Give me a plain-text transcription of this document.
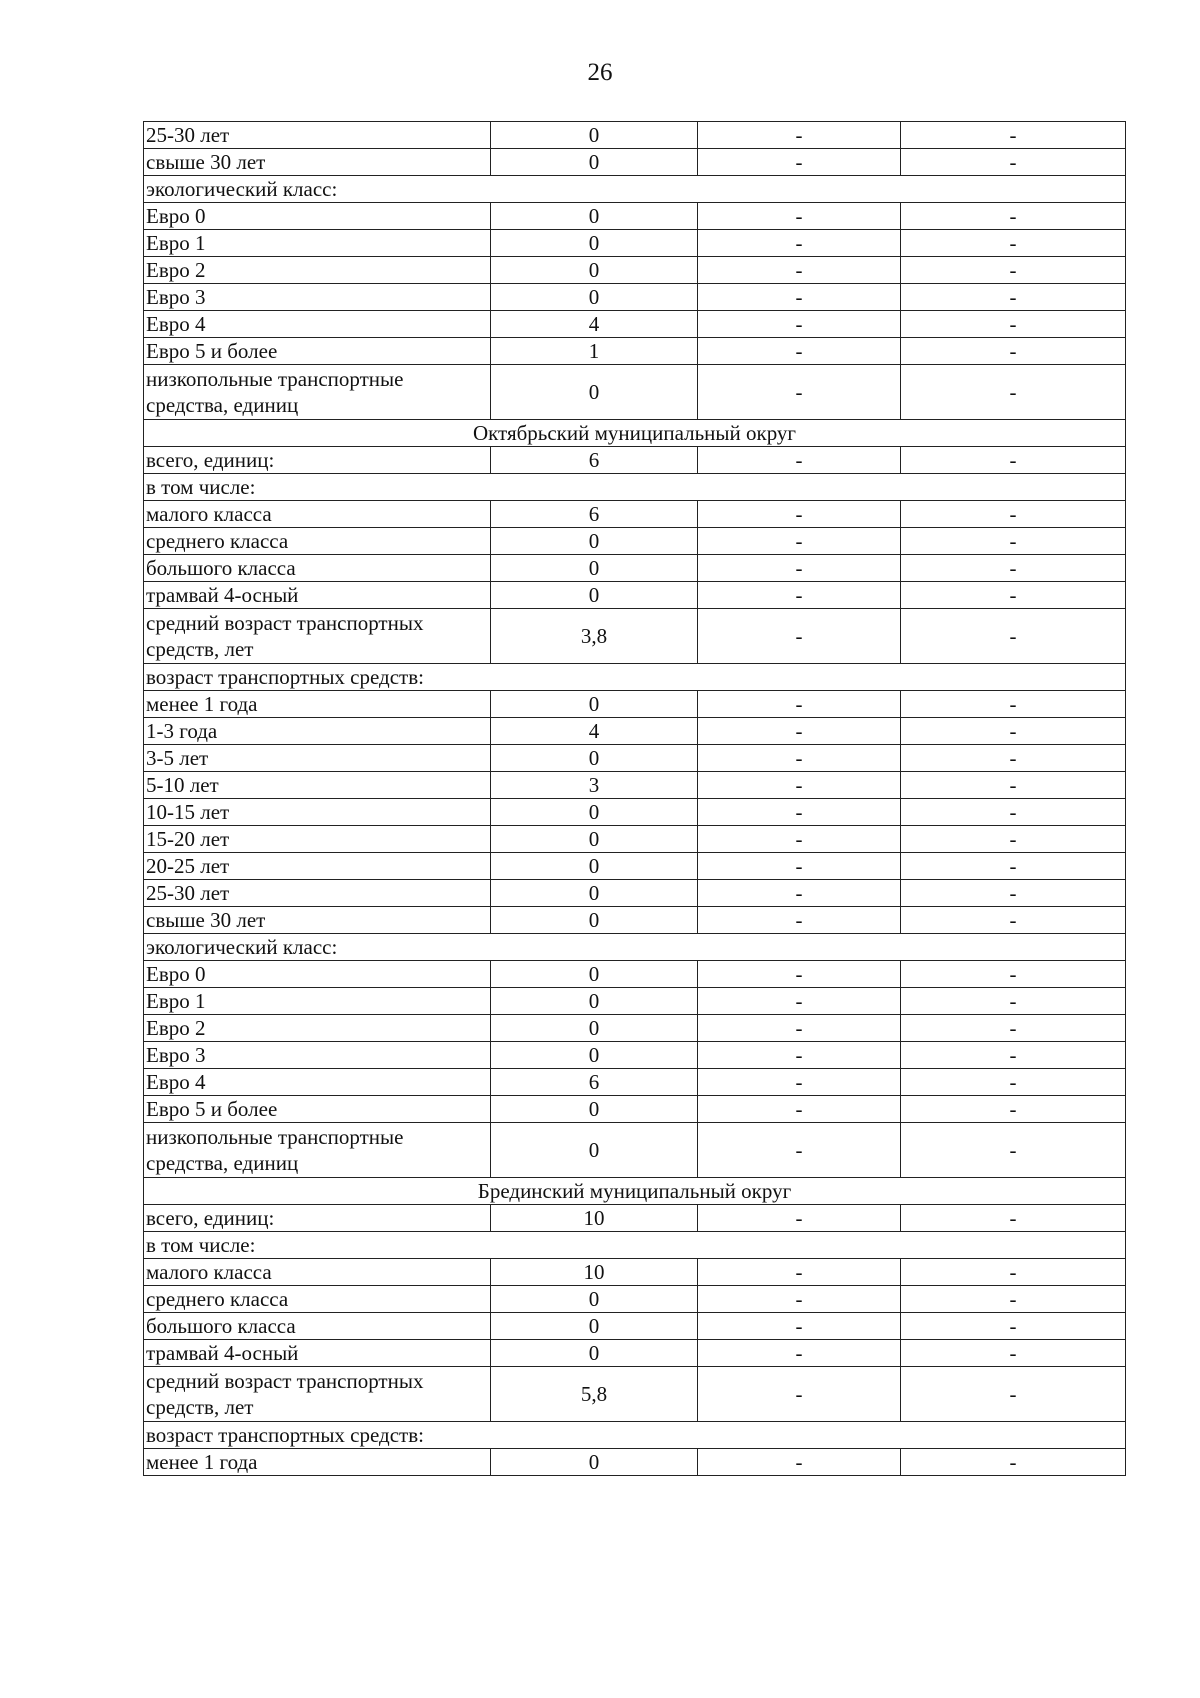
26
25-30 лет	0	-	-
свыше 30 лет	0	-	-
экологический класс:			
Евро 0	0	-	-
Евро 1	0	-	-
Евро 2	0	-	-
Евро 3	0	-	-
Евро 4	4	-	-
Евро 5 и более	1	-	-
низкопольные транспортные средства, единиц	0	-	-
Октябрьский муниципальный округ			
всего, единиц:	6	-	-
в том числе:			
малого класса	6	-	-
среднего класса	0	-	-
большого класса	0	-	-
трамвай 4-осный	0	-	-
средний возраст транспортных средств, лет	3,8	-	-
возраст транспортных средств:			
менее 1 года	0	-	-
1-3 года	4	-	-
3-5 лет	0	-	-
5-10 лет	3	-	-
10-15 лет	0	-	-
15-20 лет	0	-	-
20-25 лет	0	-	-
25-30 лет	0	-	-
свыше 30 лет	0	-	-
экологический класс:			
Евро 0	0	-	-
Евро 1	0	-	-
Евро 2	0	-	-
Евро 3	0	-	-
Евро 4	6	-	-
Евро 5 и более	0	-	-
низкопольные транспортные средства, единиц	0	-	-
Брединский муниципальный округ			
всего, единиц:	10	-	-
в том числе:			
малого класса	10	-	-
среднего класса	0	-	-
большого класса	0	-	-
трамвай 4-осный	0	-	-
средний возраст транспортных средств, лет	5,8	-	-
возраст транспортных средств:			
менее 1 года	0	-	-
